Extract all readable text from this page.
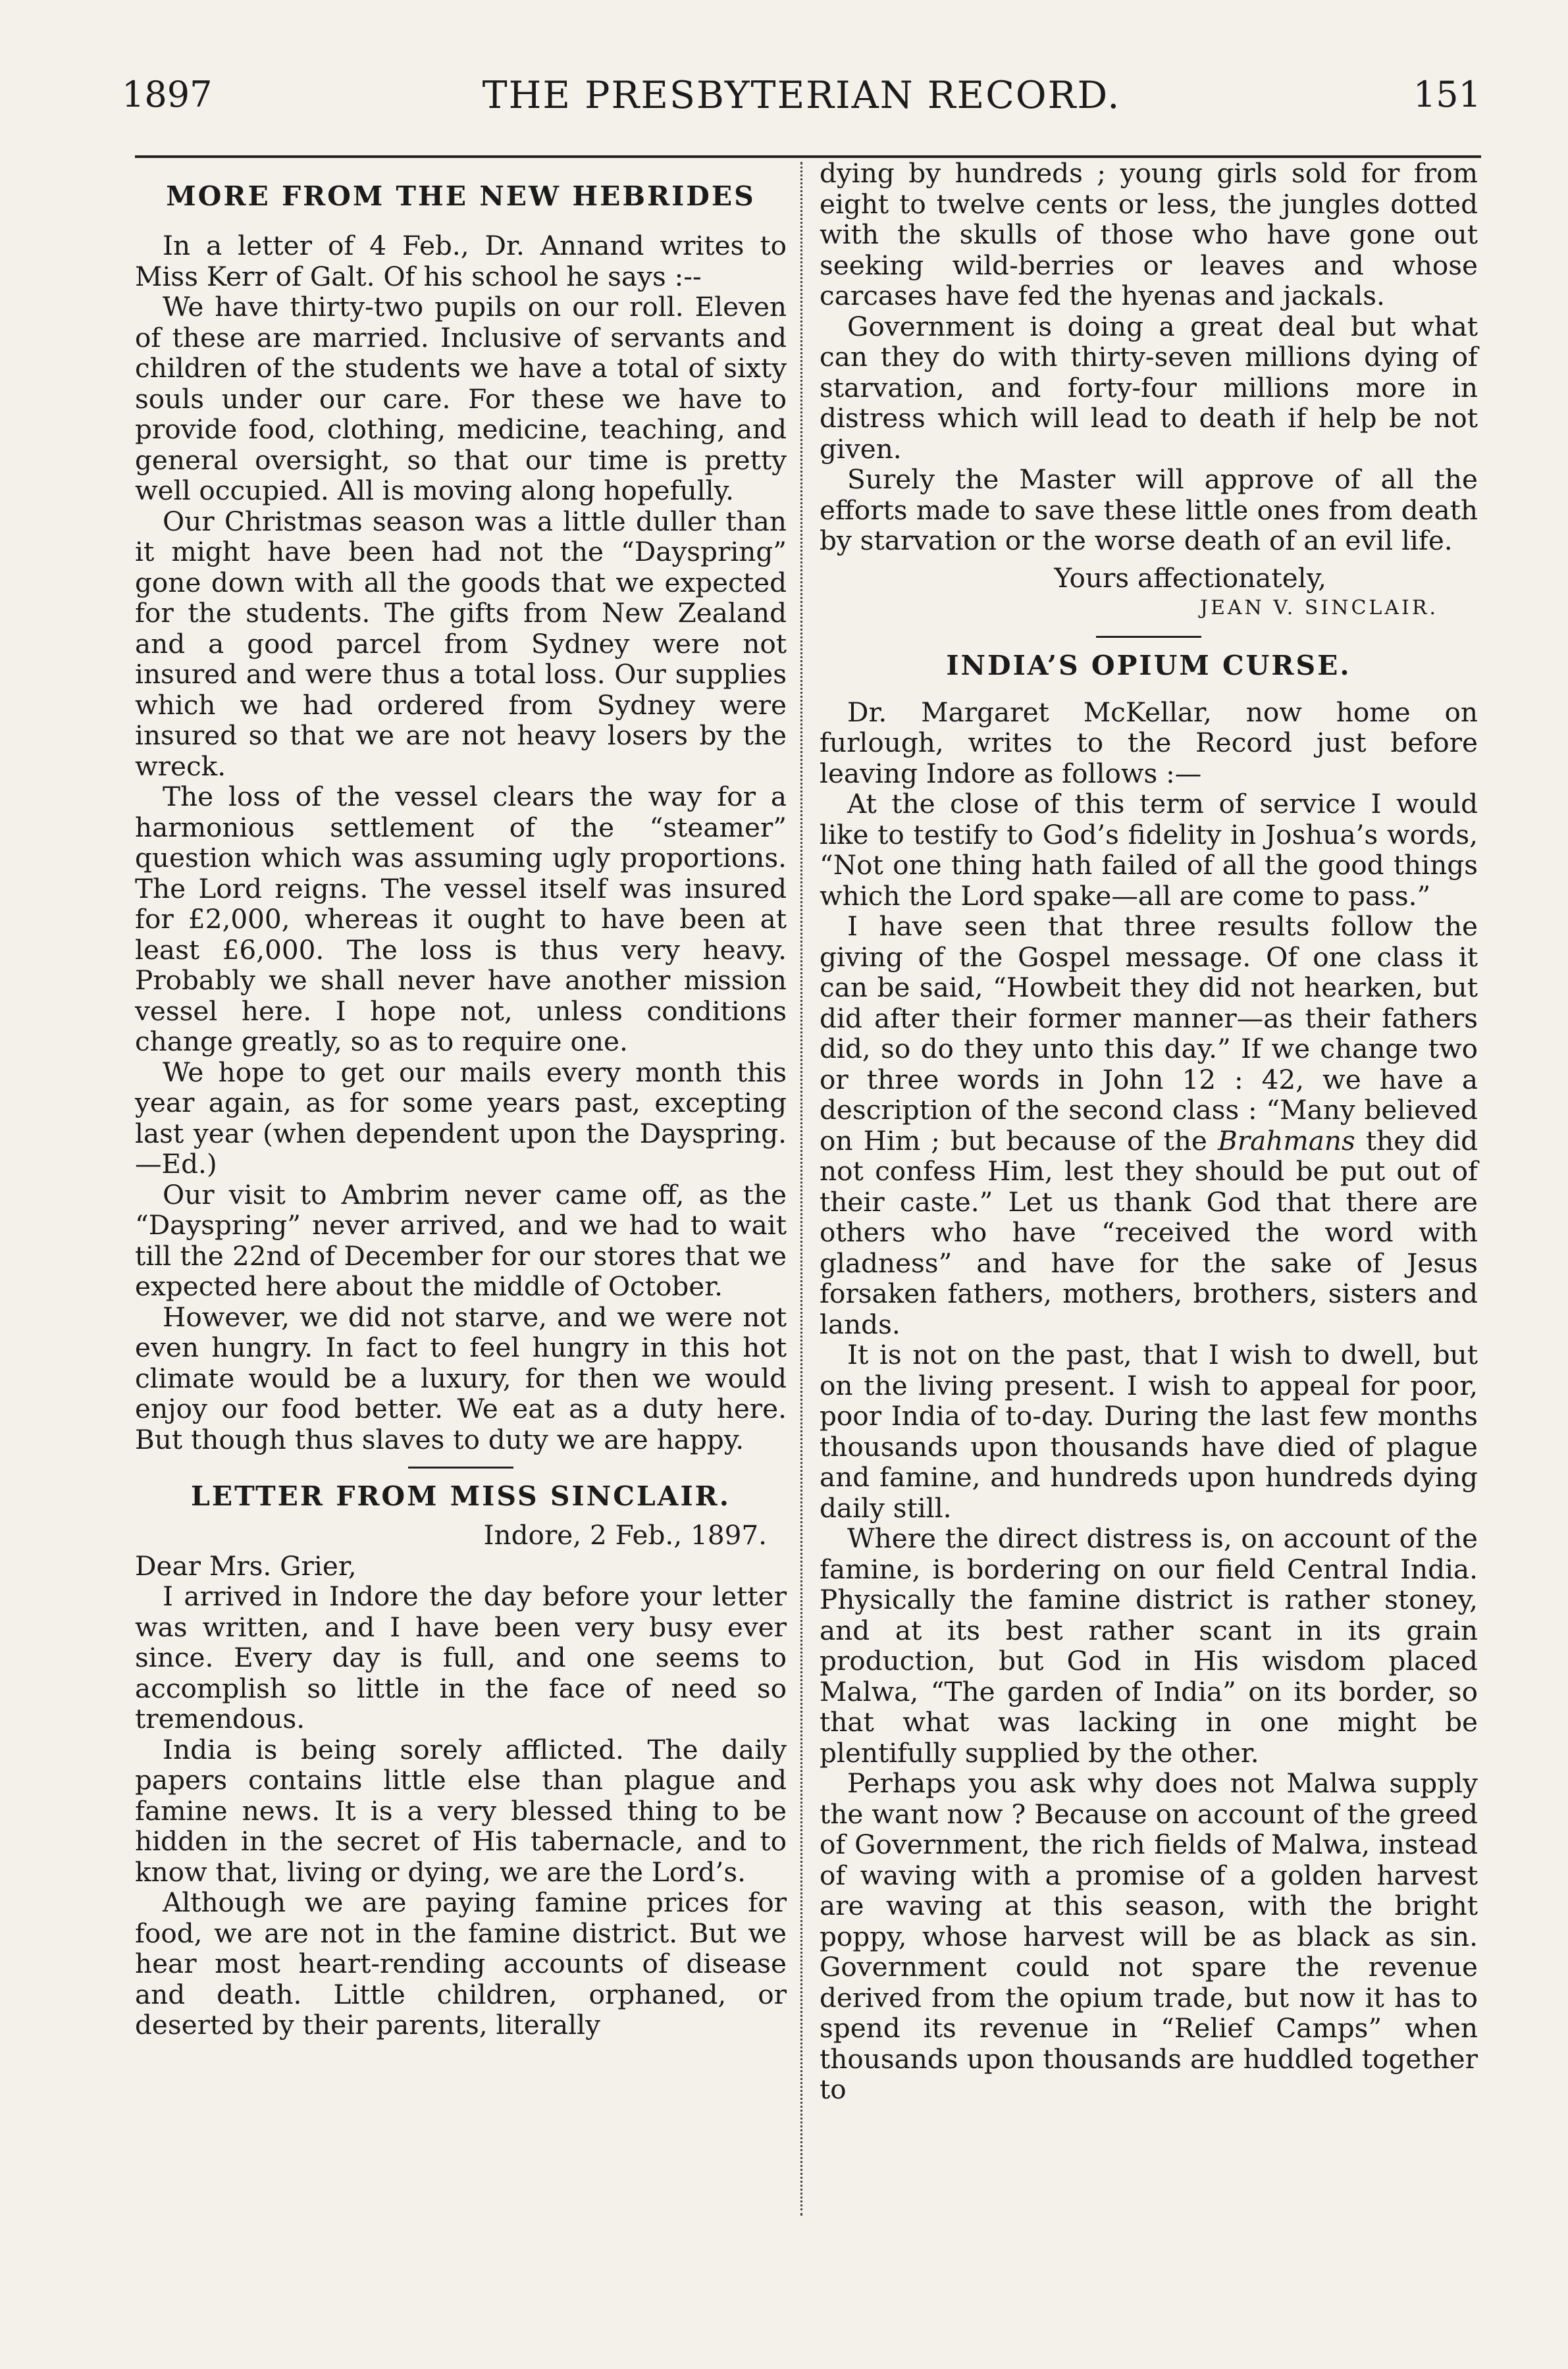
1897	THE PRESBYTERIAN RECORD.	151
MORE FROM THE NEW HEBRIDES

In a letter of 4 Feb., Dr. Annand writes to Miss Kerr of Galt. Of his school he says :--

We have thirty-two pupils on our roll. Eleven of these are married. Inclusive of servants and children of the students we have a total of sixty souls under our care. For these we have to provide food, clothing, medicine, teaching, and general oversight, so that our time is pretty well occupied. All is moving along hopefully.

Our Christmas season was a little duller than it might have been had not the “Dayspring” gone down with all the goods that we expected for the students. The gifts from New Zealand and a good parcel from Sydney were not insured and were thus a total loss. Our supplies which we had ordered from Sydney were insured so that we are not heavy losers by the wreck.

The loss of the vessel clears the way for a harmonious settlement of the “steamer” question which was assuming ugly proportions. The Lord reigns. The vessel itself was insured for £2,000, whereas it ought to have been at least £6,000. The loss is thus very heavy. Probably we shall never have another mission vessel here. I hope not, unless conditions change greatly, so as to require one.

We hope to get our mails every month this year again, as for some years past, excepting last year (when dependent upon the Dayspring.—Ed.)

Our visit to Ambrim never came off, as the “Dayspring” never arrived, and we had to wait till the 22nd of December for our stores that we expected here about the middle of October.

However, we did not starve, and we were not even hungry. In fact to feel hungry in this hot climate would be a luxury, for then we would enjoy our food better. We eat as a duty here. But though thus slaves to duty we are happy.

LETTER FROM MISS SINCLAIR.
Indore, 2 Feb., 1897.

Dear Mrs. Grier,

I arrived in Indore the day before your letter was written, and I have been very busy ever since. Every day is full, and one seems to accomplish so little in the face of need so tremendous.

India is being sorely afflicted. The daily papers contains little else than plague and famine news. It is a very blessed thing to be hidden in the secret of His tabernacle, and to know that, living or dying, we are the Lord’s.

Although we are paying famine prices for food, we are not in the famine district. But we hear most heart-rending accounts of disease and death. Little children, orphaned, or deserted by their parents, literally

dying by hundreds ; young girls sold for from eight to twelve cents or less, the jungles dotted with the skulls of those who have gone out seeking wild-berries or leaves and whose carcases have fed the hyenas and jackals.

Government is doing a great deal but what can they do with thirty-seven millions dying of starvation, and forty-four millions more in distress which will lead to death if help be not given.

Surely the Master will approve of all the efforts made to save these little ones from death by starvation or the worse death of an evil life.

Yours affectionately,
JEAN V. SINCLAIR.
INDIA’S OPIUM CURSE.

Dr. Margaret McKellar, now home on furlough, writes to the Record just before leaving Indore as follows :—

At the close of this term of service I would like to testify to God’s fidelity in Joshua’s words, “Not one thing hath failed of all the good things which the Lord spake—all are come to pass.”

I have seen that three results follow the giving of the Gospel message. Of one class it can be said, “Howbeit they did not hearken, but did after their former manner—as their fathers did, so do they unto this day.” If we change two or three words in John 12 : 42, we have a description of the second class : “Many believed on Him ; but because of the Brahmans they did not confess Him, lest they should be put out of their caste.” Let us thank God that there are others who have “received the word with gladness” and have for the sake of Jesus forsaken fathers, mothers, brothers, sisters and lands.

It is not on the past, that I wish to dwell, but on the living present. I wish to appeal for poor, poor India of to-day. During the last few months thousands upon thousands have died of plague and famine, and hundreds upon hundreds dying daily still.

Where the direct distress is, on account of the famine, is bordering on our field Central India. Physically the famine district is rather stoney, and at its best rather scant in its grain production, but God in His wisdom placed Malwa, “The garden of India” on its border, so that what was lacking in one might be plentifully supplied by the other.

Perhaps you ask why does not Malwa supply the want now ? Because on account of the greed of Government, the rich fields of Malwa, instead of waving with a promise of a golden harvest are waving at this season, with the bright poppy, whose harvest will be as black as sin. Government could not spare the revenue derived from the opium trade, but now it has to spend its revenue in “Relief Camps” when thousands upon thousands are huddled together to
